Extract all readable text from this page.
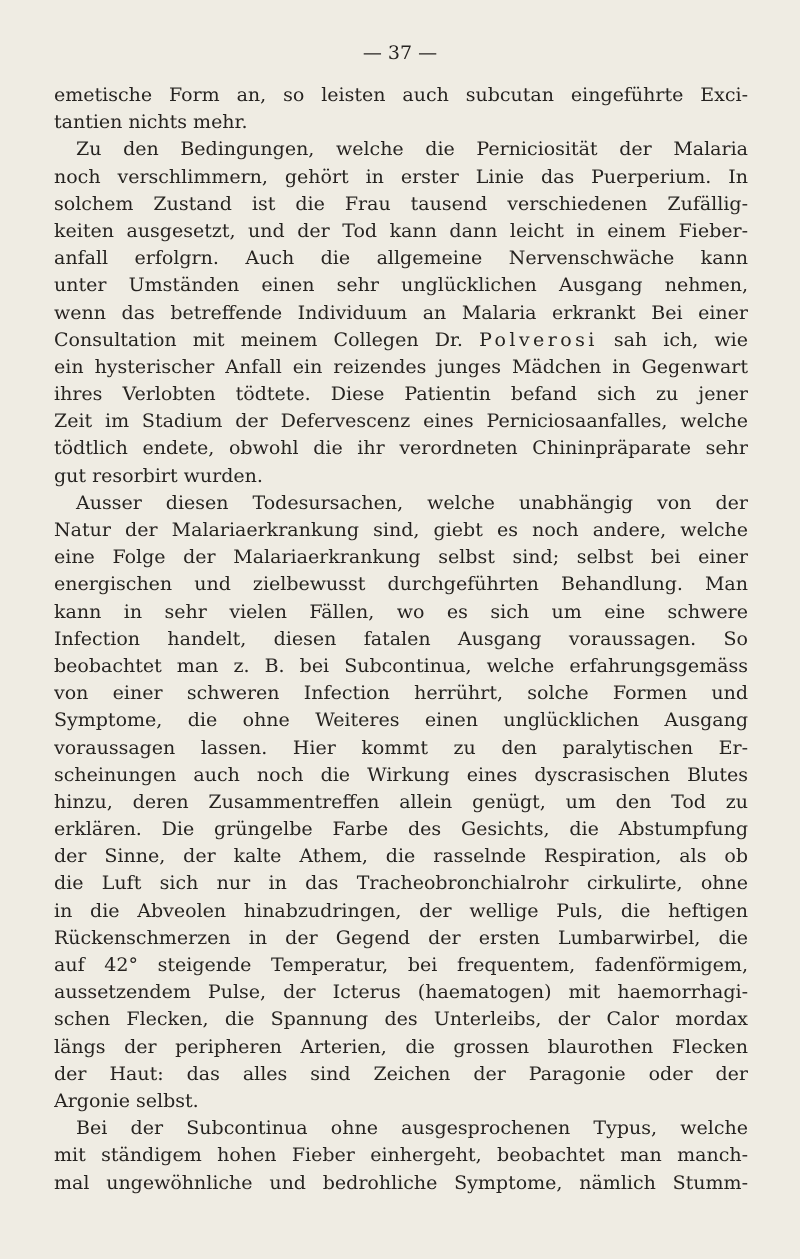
— 37 —
emetische Form an, so leisten auch subcutan eingeführte Exci-
tantien nichts mehr.
Zu den Bedingungen, welche die Perniciosität der Malaria
noch verschlimmern, gehört in erster Linie das Puerperium. In
solchem Zustand ist die Frau tausend verschiedenen Zufällig-
keiten ausgesetzt, und der Tod kann dann leicht in einem Fieber-
anfall erfolgrn. Auch die allgemeine Nervenschwäche kann
unter Umständen einen sehr unglücklichen Ausgang nehmen,
wenn das betreffende Individuum an Malaria erkrankt Bei einer
Consultation mit meinem Collegen Dr. Polverosi sah ich, wie
ein hysterischer Anfall ein reizendes junges Mädchen in Gegenwart
ihres Verlobten tödtete. Diese Patientin befand sich zu jener
Zeit im Stadium der Defervescenz eines Perniciosaanfalles, welche
tödtlich endete, obwohl die ihr verordneten Chininpräparate sehr
gut resorbirt wurden.
Ausser diesen Todesursachen, welche unabhängig von der
Natur der Malariaerkrankung sind, giebt es noch andere, welche
eine Folge der Malariaerkrankung selbst sind; selbst bei einer
energischen und zielbewusst durchgeführten Behandlung. Man
kann in sehr vielen Fällen, wo es sich um eine schwere
Infection handelt, diesen fatalen Ausgang voraussagen. So
beobachtet man z. B. bei Subcontinua, welche erfahrungsgemäss
von einer schweren Infection herrührt, solche Formen und
Symptome, die ohne Weiteres einen unglücklichen Ausgang
voraussagen lassen. Hier kommt zu den paralytischen Er-
scheinungen auch noch die Wirkung eines dyscrasischen Blutes
hinzu, deren Zusammentreffen allein genügt, um den Tod zu
erklären. Die grüngelbe Farbe des Gesichts, die Abstumpfung
der Sinne, der kalte Athem, die rasselnde Respiration, als ob
die Luft sich nur in das Tracheobronchialrohr cirkulirte, ohne
in die Abveolen hinabzudringen, der wellige Puls, die heftigen
Rückenschmerzen in der Gegend der ersten Lumbarwirbel, die
auf 42° steigende Temperatur, bei frequentem, fadenförmigem,
aussetzendem Pulse, der Icterus (haematogen) mit haemorrhagi-
schen Flecken, die Spannung des Unterleibs, der Calor mordax
längs der peripheren Arterien, die grossen blaurothen Flecken
der Haut: das alles sind Zeichen der Paragonie oder der
Argonie selbst.
Bei der Subcontinua ohne ausgesprochenen Typus, welche
mit ständigem hohen Fieber einhergeht, beobachtet man manch-
mal ungewöhnliche und bedrohliche Symptome, nämlich Stumm-
